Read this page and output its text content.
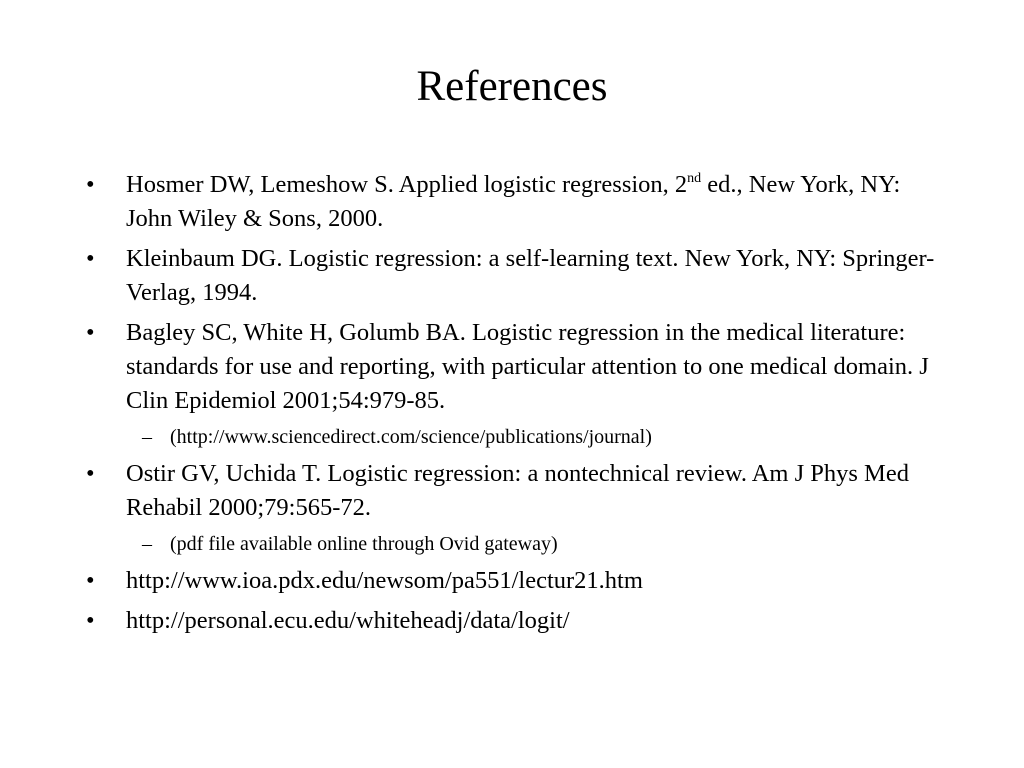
References
•	Hosmer DW, Lemeshow S. Applied logistic regression, 2nd ed., New York, NY: John Wiley & Sons, 2000.
•	Kleinbaum DG. Logistic regression: a self-learning text. New York, NY: Springer-Verlag, 1994.
•	Bagley SC, White H, Golumb BA. Logistic regression in the medical literature: standards for use and reporting, with particular attention to one medical domain. J Clin Epidemiol 2001;54:979-85.
– (http://www.sciencedirect.com/science/publications/journal)
•	Ostir GV, Uchida T. Logistic regression: a nontechnical review. Am J Phys Med Rehabil 2000;79:565-72.
– (pdf file available online through Ovid gateway)
•	http://www.ioa.pdx.edu/newsom/pa551/lectur21.htm
•	http://personal.ecu.edu/whiteheadj/data/logit/
